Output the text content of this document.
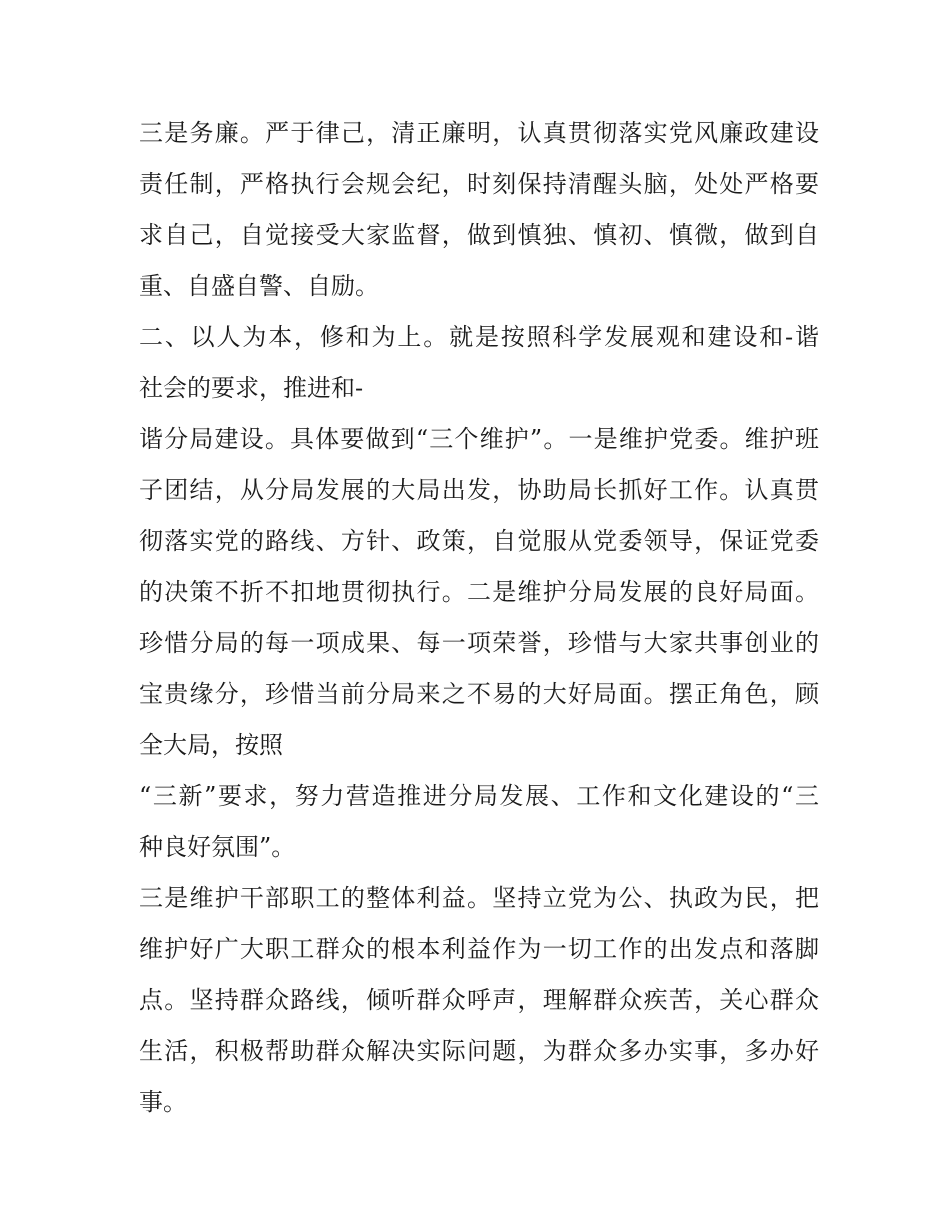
三是务廉。严于律己，清正廉明，认真贯彻落实党风廉政建设
责任制，严格执行会规会纪，时刻保持清醒头脑，处处严格要
求自己，自觉接受大家监督，做到慎独、慎初、慎微，做到自
重、自盛自警、自励。
二、以人为本，修和为上。就是按照科学发展观和建设和-谐
社会的要求，推进和-
谐分局建设。具体要做到“三个维护”。一是维护党委。维护班
子团结，从分局发展的大局出发，协助局长抓好工作。认真贯
彻落实党的路线、方针、政策，自觉服从党委领导，保证党委
的决策不折不扣地贯彻执行。二是维护分局发展的良好局面。
珍惜分局的每一项成果、每一项荣誉，珍惜与大家共事创业的
宝贵缘分，珍惜当前分局来之不易的大好局面。摆正角色，顾
全大局，按照
“三新”要求，努力营造推进分局发展、工作和文化建设的“三
种良好氛围”。
三是维护干部职工的整体利益。坚持立党为公、执政为民，把
维护好广大职工群众的根本利益作为一切工作的出发点和落脚
点。坚持群众路线，倾听群众呼声，理解群众疾苦，关心群众
生活，积极帮助群众解决实际问题，为群众多办实事，多办好
事。
